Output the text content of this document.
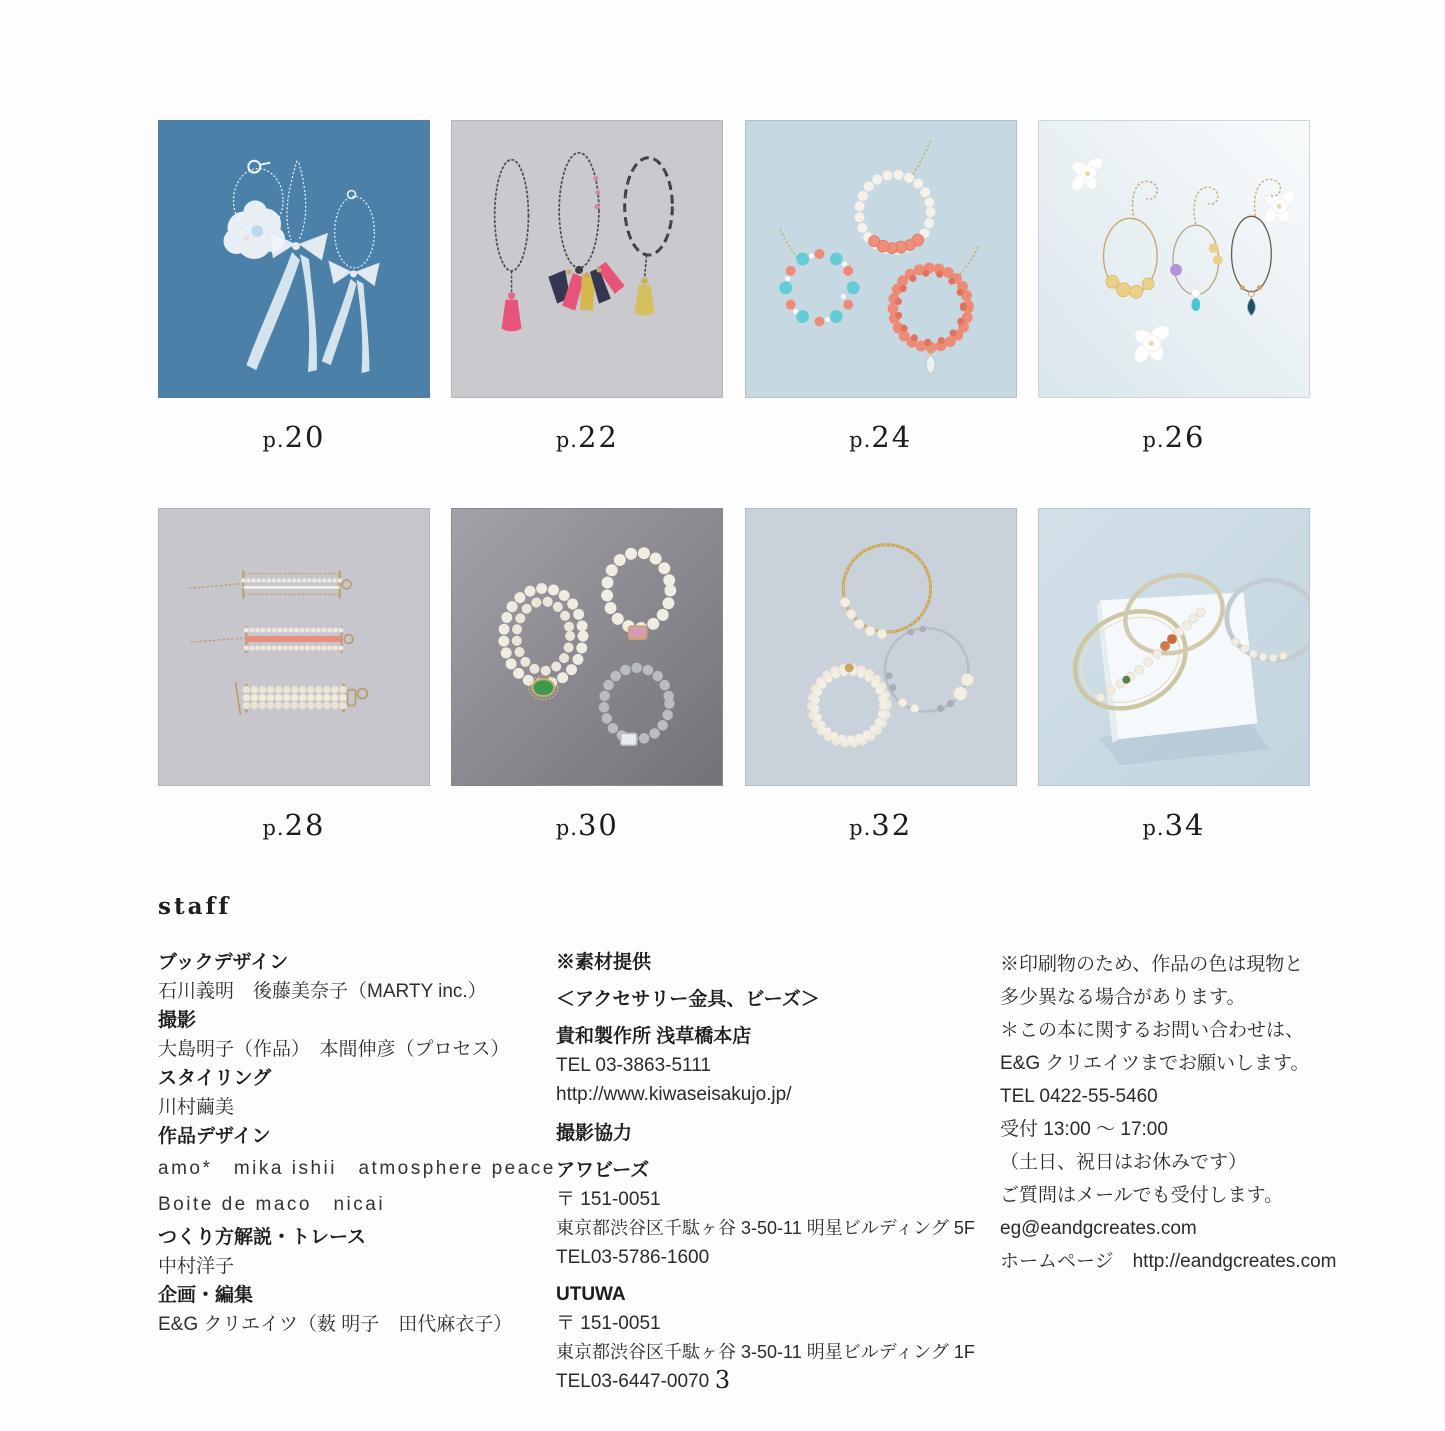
p.20	p.22	p.24	p.26
p.28	p.30	p.32	p.34
staff
ブックデザイン
石川義明　後藤美奈子（MARTY inc.）
撮影
大島明子（作品）　本間伸彦（プロセス）
スタイリング
川村繭美
作品デザイン
amo*　mika ishii　atmosphere peace
Boite de maco　nicai
つくり方解説・トレース
中村洋子
企画・編集
E&G クリエイツ（薮 明子　田代麻衣子）
※素材提供
＜アクセサリー金具、ビーズ＞
貴和製作所 浅草橋本店
TEL 03-3863-5111
http://www.kiwaseisakujo.jp/
撮影協力
アワビーズ
〒 151-0051
東京都渋谷区千駄ヶ谷 3-50-11 明星ビルディング 5F
TEL03-5786-1600
UTUWA
〒 151-0051
東京都渋谷区千駄ヶ谷 3-50-11 明星ビルディング 1F
TEL03-6447-0070
※印刷物のため、作品の色は現物と
多少異なる場合があります。
＊この本に関するお問い合わせは、
E&G クリエイツまでお願いします。
TEL 0422-55-5460
受付 13:00 〜 17:00
（土日、祝日はお休みです）
ご質問はメールでも受付します。
eg@eandgcreates.com
ホームページ　http://eandgcreates.com
3
